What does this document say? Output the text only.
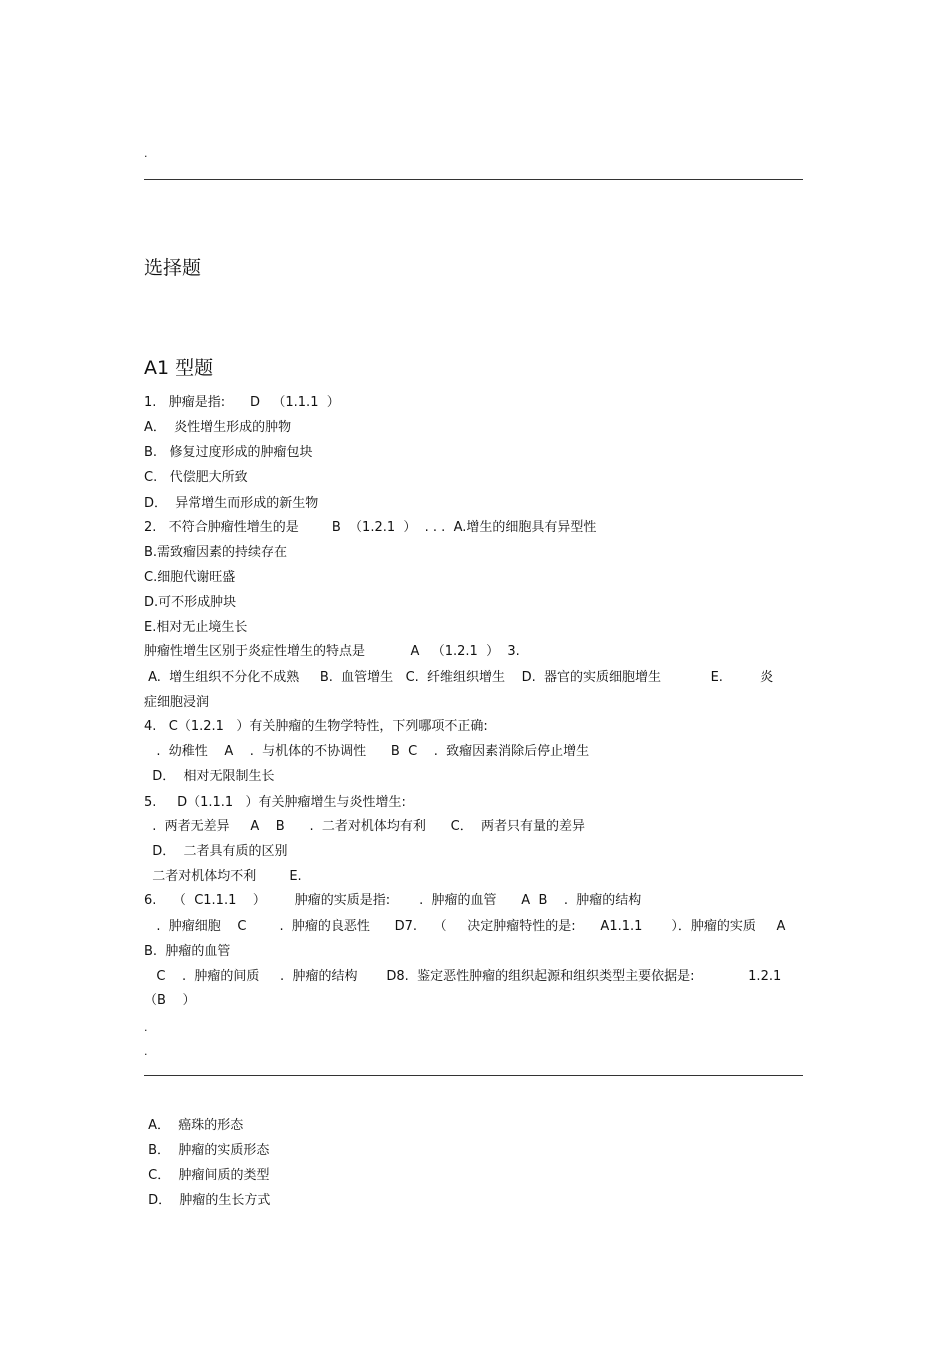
.
选择题
A1 型题
1.   肿瘤是指:      D   （1.1.1  ）
A．  炎性增生形成的肿物
B.   修复过度形成的肿瘤包块
C.   代偿肥大所致
D．  异常增生而形成的新生物
2.   不符合肿瘤性增生的是        B  （1.2.1  ）  . . .  A.增生的细胞具有异型性
B.需致瘤因素的持续存在
C.细胞代谢旺盛
D.可不形成肿块
E.相对无止境生长
肿瘤性增生区别于炎症性增生的特点是           A   （1.2.1  ）  3.
A.  增生组织不分化不成熟     B.  血管增生   C.  纤维组织增生    D.  器官的实质细胞增生            E.         炎
症细胞浸润
4.   C（1.2.1   ）有关肿瘤的生物学特性，下列哪项不正确:
.  幼稚性    A    .  与机体的不协调性      B  C    .  致瘤因素消除后停止增生
D．  相对无限制生长
5.     D（1.1.1   ）有关肿瘤增生与炎性增生:
.  两者无差异     A    B      .  二者对机体均有利      C．  两者只有量的差异
D．  二者具有质的区别
二者对机体均不利        E.
6.    （  C1.1.1    ）       肿瘤的实质是指:       .  肿瘤的血管      A  B    .  肿瘤的结构
.  肿瘤细胞    C        .  肿瘤的良恶性      D7.    （     决定肿瘤特性的是:      A1.1.1       ）．肿瘤的实质     A
B.  肿瘤的血管
C    .  肿瘤的间质     .  肿瘤的结构       D8.  鉴定恶性肿瘤的组织起源和组织类型主要依据是:             1.2.1
（B    ）
.
.
A．  癌珠的形态
B．  肿瘤的实质形态
C．  肿瘤间质的类型
D．  肿瘤的生长方式
